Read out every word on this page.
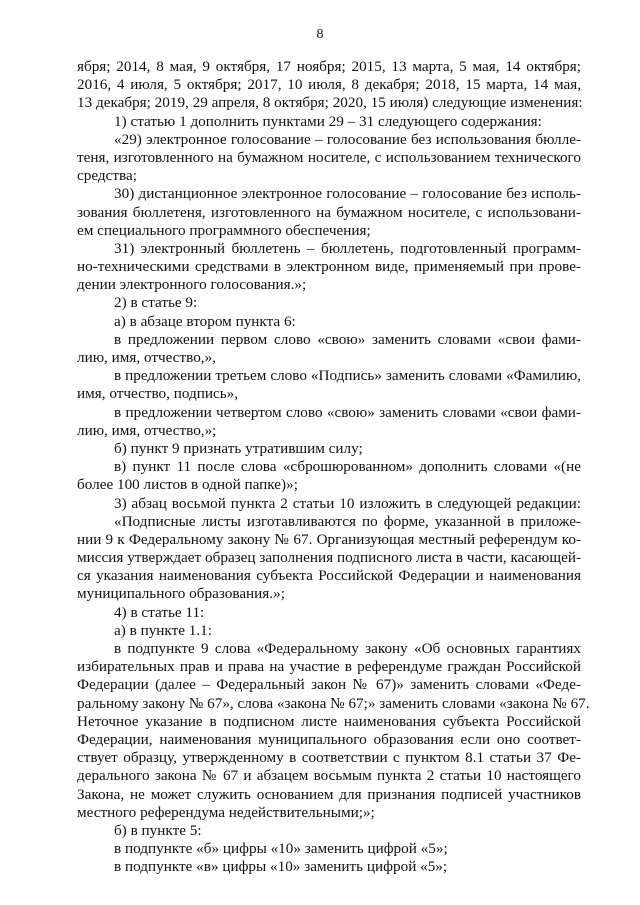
8
ября; 2014, 8 мая, 9 октября, 17 ноября; 2015, 13 марта, 5 мая, 14 октября;
2016, 4 июля, 5 октября; 2017, 10 июля, 8 декабря; 2018, 15 марта, 14 мая,
13 декабря; 2019, 29 апреля, 8 октября; 2020, 15 июля) следующие изменения:
1) статью 1 дополнить пунктами 29 – 31 следующего содержания:
«29) электронное голосование – голосование без использования бюлле-
теня, изготовленного на бумажном носителе, с использованием технического
средства;
30) дистанционное электронное голосование – голосование без исполь-
зования бюллетеня, изготовленного на бумажном носителе, с использовани-
ем специального программного обеспечения;
31) электронный бюллетень – бюллетень, подготовленный программ-
но-техническими средствами в электронном виде, применяемый при прове-
дении электронного голосования.»;
2) в статье 9:
а) в абзаце втором пункта 6:
в предложении первом слово «свою» заменить словами «свои фами-
лию, имя, отчество,»,
в предложении третьем слово «Подпись» заменить словами «Фамилию,
имя, отчество, подпись»,
в предложении четвертом слово «свою» заменить словами «свои фами-
лию, имя, отчество,»;
б) пункт 9 признать утратившим силу;
в) пункт 11 после слова «сброшюрованном» дополнить словами «(не
более 100 листов в одной папке)»;
3) абзац восьмой пункта 2 статьи 10 изложить в следующей редакции:
«Подписные листы изготавливаются по форме, указанной в приложе-
нии 9 к Федеральному закону № 67. Организующая местный референдум ко-
миссия утверждает образец заполнения подписного листа в части, касающей-
ся указания наименования субъекта Российской Федерации и наименования
муниципального образования.»;
4) в статье 11:
а) в пункте 1.1:
в подпункте 9 слова «Федеральному закону «Об основных гарантиях
избирательных прав и права на участие в референдуме граждан Российской
Федерации (далее – Федеральный закон № 67)» заменить словами «Феде-
ральному закону № 67», слова «закона № 67;» заменить словами «закона № 67.
Неточное указание в подписном листе наименования субъекта Российской
Федерации, наименования муниципального образования если оно соответ-
ствует образцу, утвержденному в соответствии с пунктом 8.1 статьи 37 Фе-
дерального закона № 67 и абзацем восьмым пункта 2 статьи 10 настоящего
Закона, не может служить основанием для признания подписей участников
местного референдума недействительными;»;
б) в пункте 5:
в подпункте «б» цифры «10» заменить цифрой «5»;
в подпункте «в» цифры «10» заменить цифрой «5»;
